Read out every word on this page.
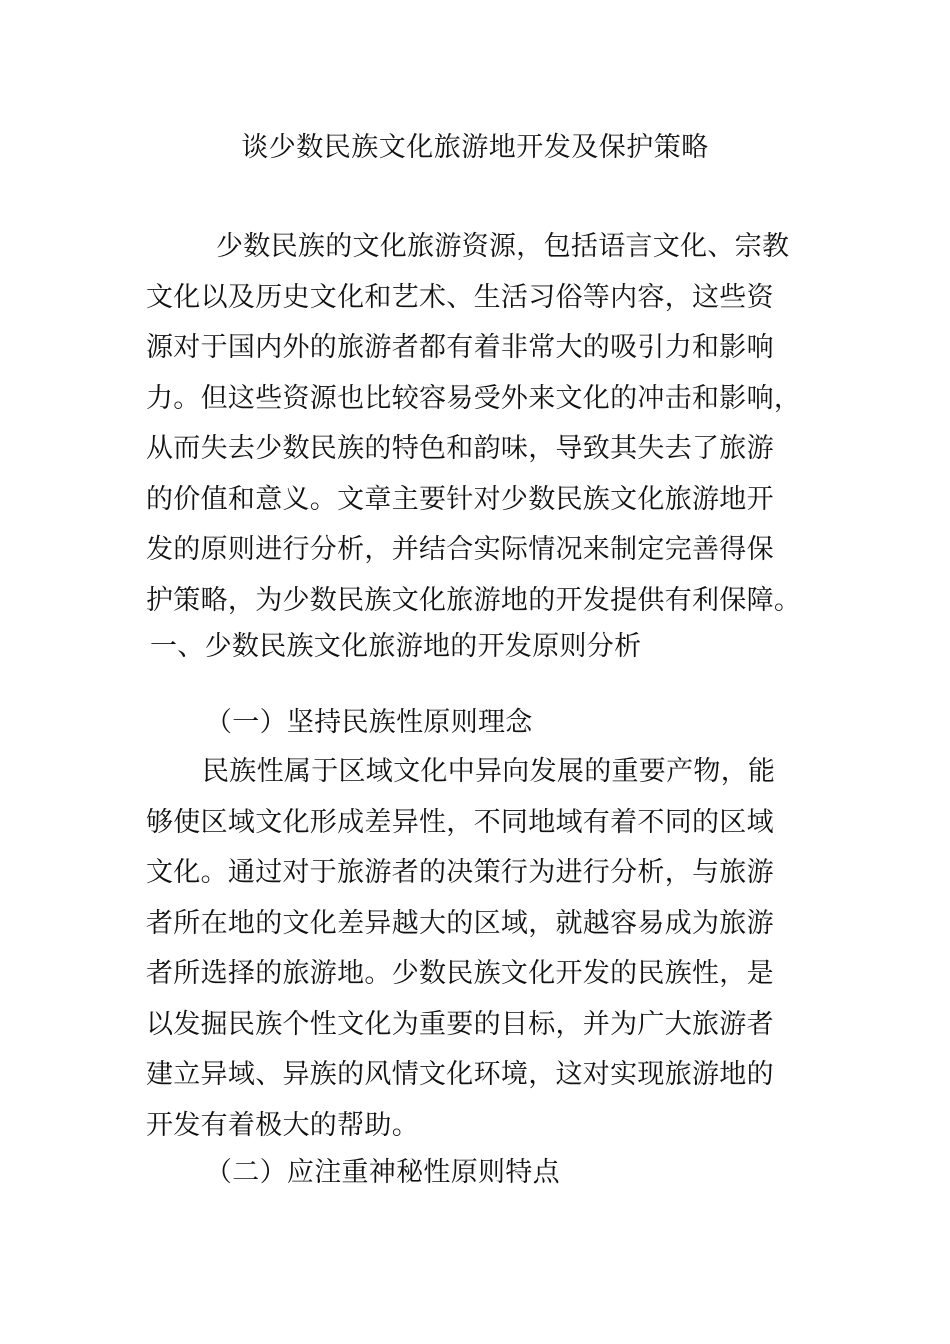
谈少数民族文化旅游地开发及保护策略
少数民族的文化旅游资源，包括语言文化、宗教
文化以及历史文化和艺术、生活习俗等内容，这些资
源对于国内外的旅游者都有着非常大的吸引力和影响
力。但这些资源也比较容易受外来文化的冲击和影响，
从而失去少数民族的特色和韵味，导致其失去了旅游
的价值和意义。文章主要针对少数民族文化旅游地开
发的原则进行分析，并结合实际情况来制定完善得保
护策略，为少数民族文化旅游地的开发提供有利保障。
一、少数民族文化旅游地的开发原则分析
（一）坚持民族性原则理念
民族性属于区域文化中异向发展的重要产物，能
够使区域文化形成差异性，不同地域有着不同的区域
文化。通过对于旅游者的决策行为进行分析，与旅游
者所在地的文化差异越大的区域，就越容易成为旅游
者所选择的旅游地。少数民族文化开发的民族性，是
以发掘民族个性文化为重要的目标，并为广大旅游者
建立异域、异族的风情文化环境，这对实现旅游地的
开发有着极大的帮助。
（二）应注重神秘性原则特点
